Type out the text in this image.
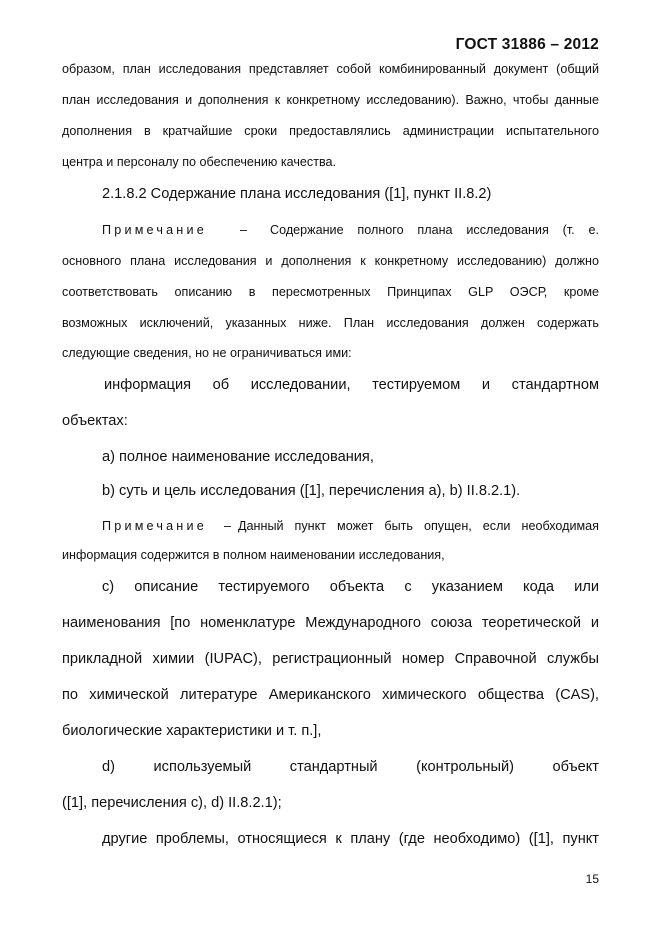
ГОСТ 31886 – 2012
образом, план исследования представляет собой комбинированный документ (общий
план исследования и дополнения к конкретному исследованию). Важно, чтобы данные
дополнения в кратчайшие сроки предоставлялись администрации испытательного
центра и персоналу по обеспечению качества.
2.1.8.2 Содержание плана исследования ([1], пункт II.8.2)
Примечание	– Содержание полного плана исследования (т. е.
основного плана исследования и дополнения к конкретному исследованию) должно
соответствовать описанию в пересмотренных Принципах GLP ОЭСР, кроме
возможных исключений, указанных ниже. План исследования должен содержать
следующие сведения, но не ограничиваться ими:
информация об исследовании, тестируемом и стандартном
объектах:
а) полное наименование исследования,
b) суть и цель исследования ([1], перечисления a), b) II.8.2.1).
Примечание – Данный пункт может быть опущен, если необходимая
информация содержится в полном наименовании исследования,
с) описание тестируемого объекта с указанием кода или
наименования [по номенклатуре Международного союза теоретической и
прикладной химии (IUPAC), регистрационный номер Справочной службы
по химической литературе Американского химического общества (CAS),
биологические характеристики и т. п.],
d) используемый стандартный (контрольный) объект
([1], перечисления c), d) II.8.2.1);
другие проблемы, относящиеся к плану (где необходимо) ([1], пункт
15
